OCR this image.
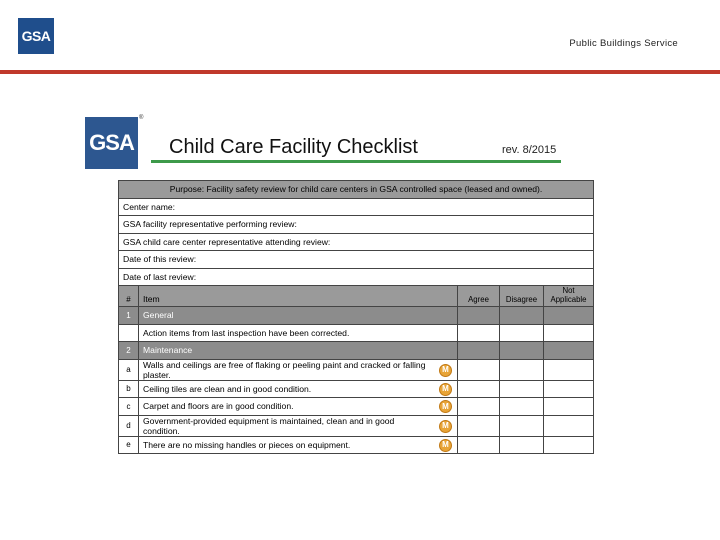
GSA	Public Buildings Service
GSA
®
Child Care Facility Checklist	rev. 8/2015
Purpose: Facility safety review for child care centers in GSA controlled space (leased and owned).				
Center name:				
GSA facility representative performing review:				
GSA child care center representative attending review:				
Date of this review:				
Date of last review:				
#	Item	Agree	Disagree	Not Applicable
1	General			
	Action items from last inspection have been corrected.			
2	Maintenance			
a	Walls and ceilings are free of flaking or peeling paint and cracked or falling plaster. M			

b	Ceiling tiles are clean and in good condition. M			

c	Carpet and floors are in good condition. M			

d	Government-provided equipment is maintained, clean and in good condition. M			

e	There are no missing handles or pieces on equipment. M			
